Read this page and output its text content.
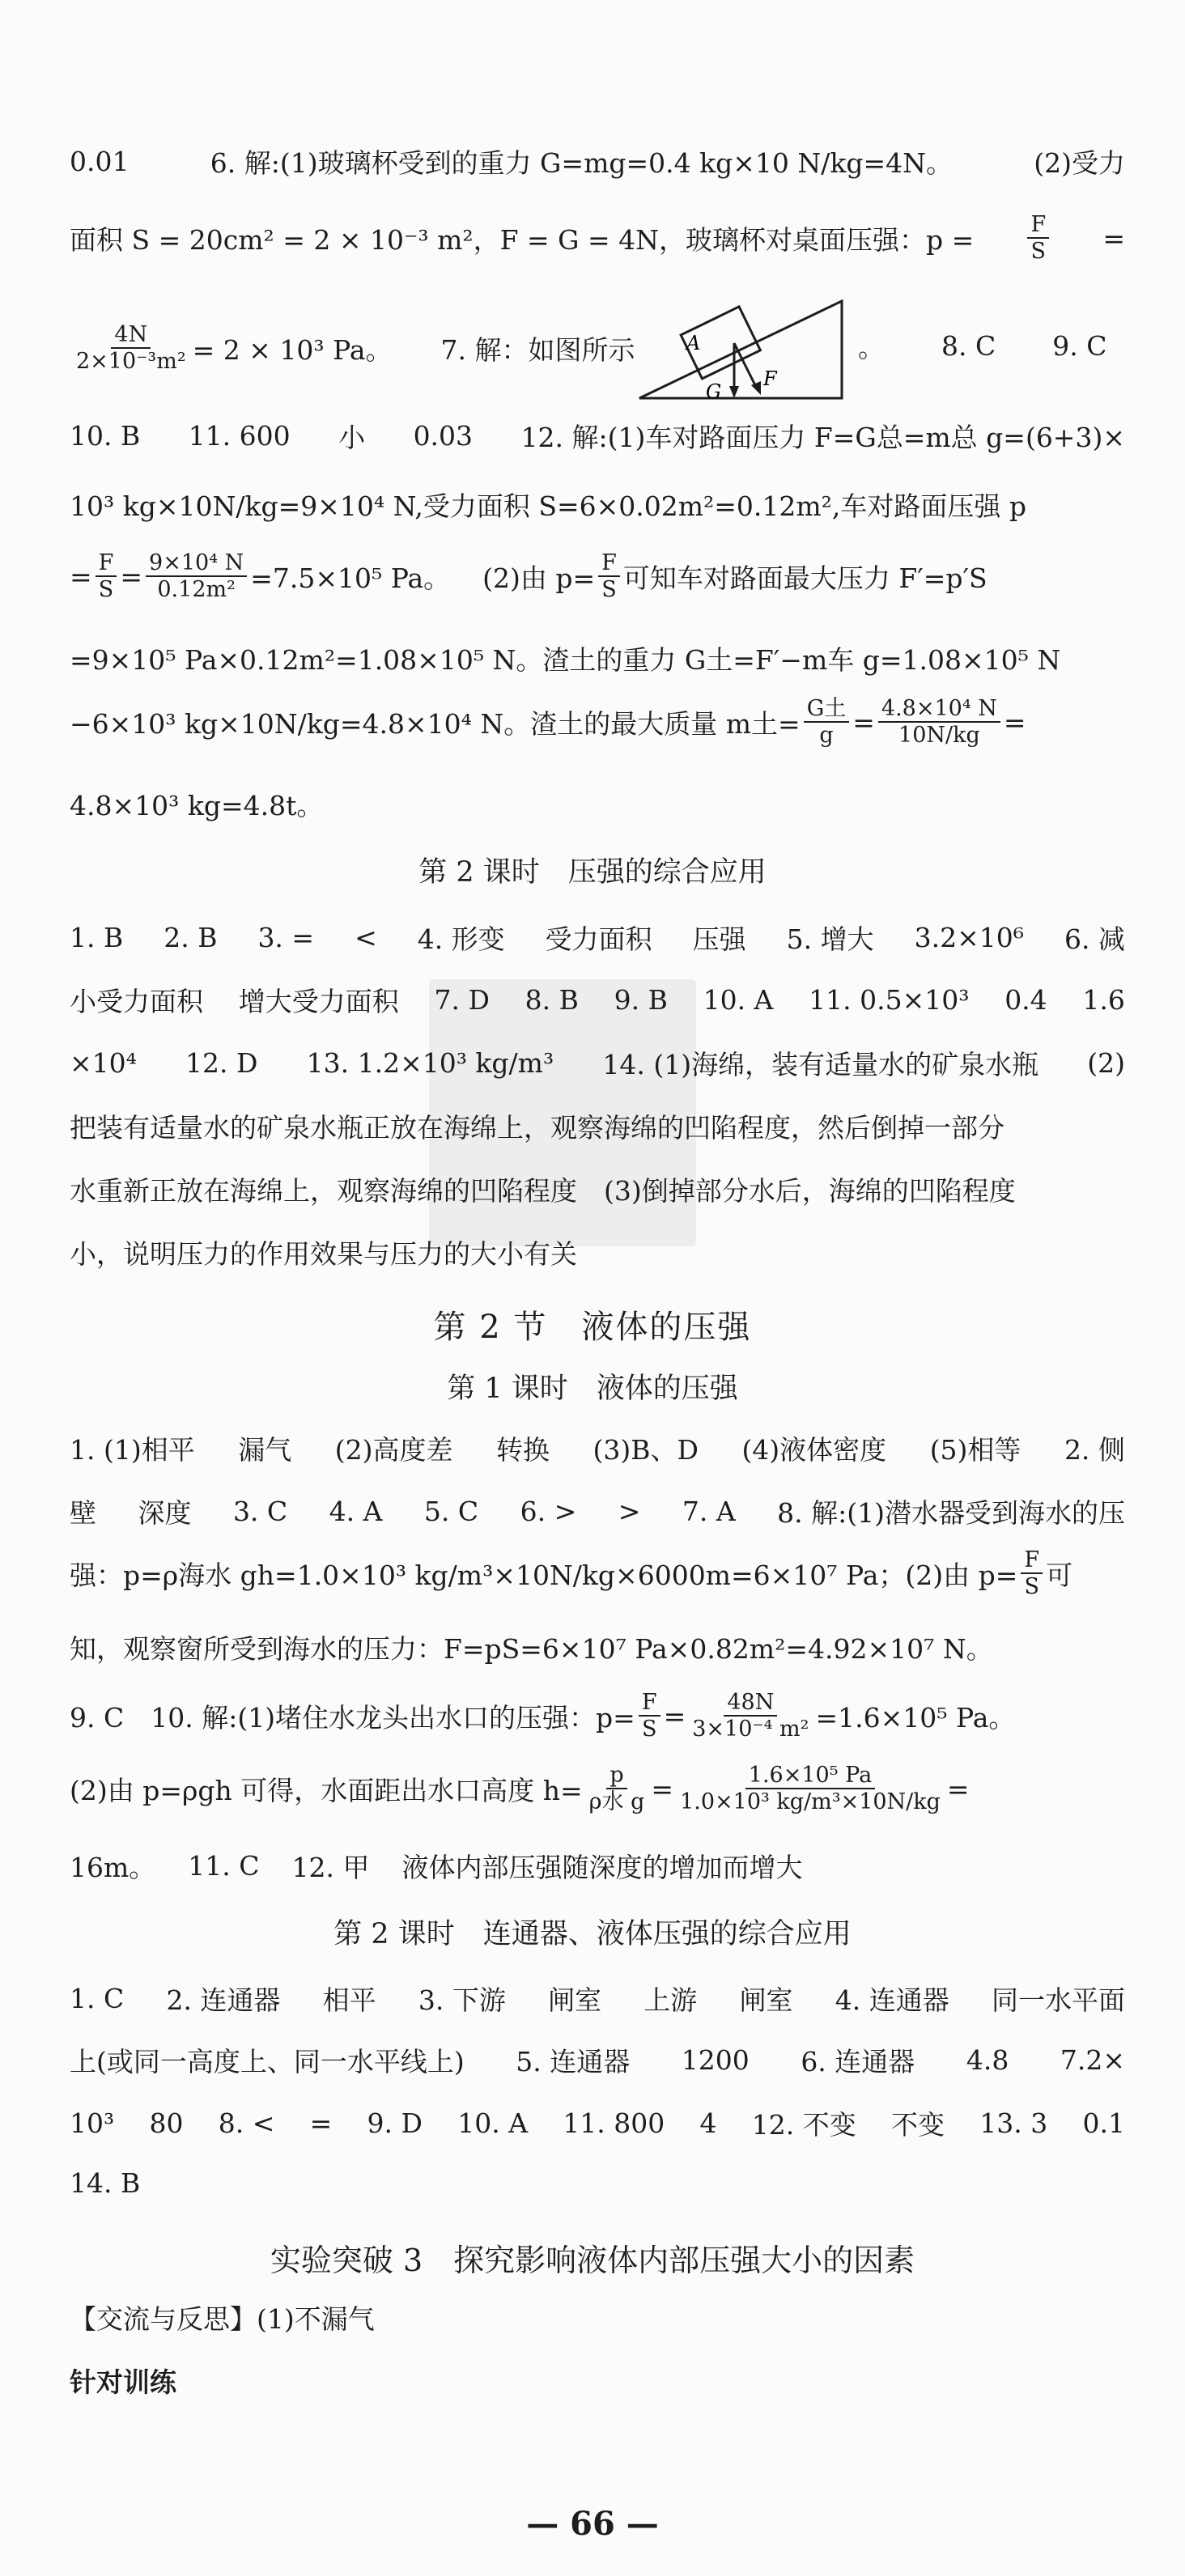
0.01	6. 解:(1)玻璃杯受到的重力 G=mg=0.4 kg×10 N/kg=4N。	(2)受力
面积 S = 20cm² = 2 × 10⁻³ m²，F = G = 4N，玻璃杯对桌面压强：$p = \frac{F}{S}$ =
$\frac{4N}{\text{2×10⁻³m²}} = 2 \times 10^3$ Pa。 7. 解：如图所示	A
G
F
。 8. C 9. C
10. B 11. 600 小 0.03 12. 解:(1)车对路面压力 F=G总=m总 g=(6+3)×
10³ kg×10N/kg=9×10⁴ N,受力面积 S=6×0.02m²=0.12m²,车对路面压强 p
= $\frac{F}{S} = \frac{\text{9×10⁴ N}}{\text{0.12m²}} =7.5\times 10^5$ Pa。 (2)由 $p= \frac{F}{S}$ 可知车对路面最大压力 F′=p′S
=9×10⁵ Pa×0.12m²=1.08×10⁵ N。渣土的重力 G土=F′−m车 g=1.08×10⁵ N
−6×10³ kg×10N/kg=4.8×10⁴ N。渣土的最大质量 m土= $\frac{\text{G土}}{g} = \frac{\text{4.8×10⁴ N}}{10N/kg}$ =
4.8×10³ kg=4.8t。
第 2 课时　压强的综合应用
1. B 2. B 3. = < 4. 形变 受力面积 压强 5. 增大 3.2×10⁶ 6. 减
小受力面积 增大受力面积 7. D 8. B 9. B 10. A 11. 0.5×10³ 0.4 1.6
×10⁴ 12. D 13. 1.2×10³ kg/m³ 14. (1)海绵，装有适量水的矿泉水瓶 (2)
把装有适量水的矿泉水瓶正放在海绵上，观察海绵的凹陷程度，然后倒掉一部分
水重新正放在海绵上，观察海绵的凹陷程度　(3)倒掉部分水后，海绵的凹陷程度
小，说明压力的作用效果与压力的大小有关
第 2 节　液体的压强
第 1 课时　液体的压强
1. (1)相平 漏气 (2)高度差 转换 (3)B、D (4)液体密度 (5)相等 2. 侧
壁 深度 3. C 4. A 5. C 6. > > 7. A 8. 解:(1)潜水器受到海水的压
强：p=ρ海水 gh=1.0×10³ kg/m³×10N/kg×6000m=6×10⁷ Pa；(2)由 $p= \frac{F}{S}$ 可
知，观察窗所受到海水的压力：F=pS=6×10⁷ Pa×0.82m²=4.92×10⁷ N。
9. C　10. 解:(1)堵住水龙头出水口的压强：$p= \frac{F}{S} = \frac{48N}{\text{3×10⁻⁴ m²}} =1.6\times 10^5$ Pa。
(2)由 p=ρgh 可得，水面距出水口高度 $h= \frac{p}{\text{ρ水 g}} = \frac{\text{1.6×10⁵ Pa}}{\text{1.0×10³ kg/m³×10N/kg}}$ =
16m。 11. C 12. 甲 液体内部压强随深度的增加而增大
第 2 课时　连通器、液体压强的综合应用
1. C 2. 连通器 相平 3. 下游 闸室 上游 闸室 4. 连通器 同一水平面
上(或同一高度上、同一水平线上) 5. 连通器 1200 6. 连通器 4.8 7.2×
10³ 80 8. < = 9. D 10. A 11. 800 4 12. 不变 不变 13. 3 0.1
14. B
实验突破 3　探究影响液体内部压强大小的因素
【交流与反思】(1)不漏气
针对训练
— 66 —
